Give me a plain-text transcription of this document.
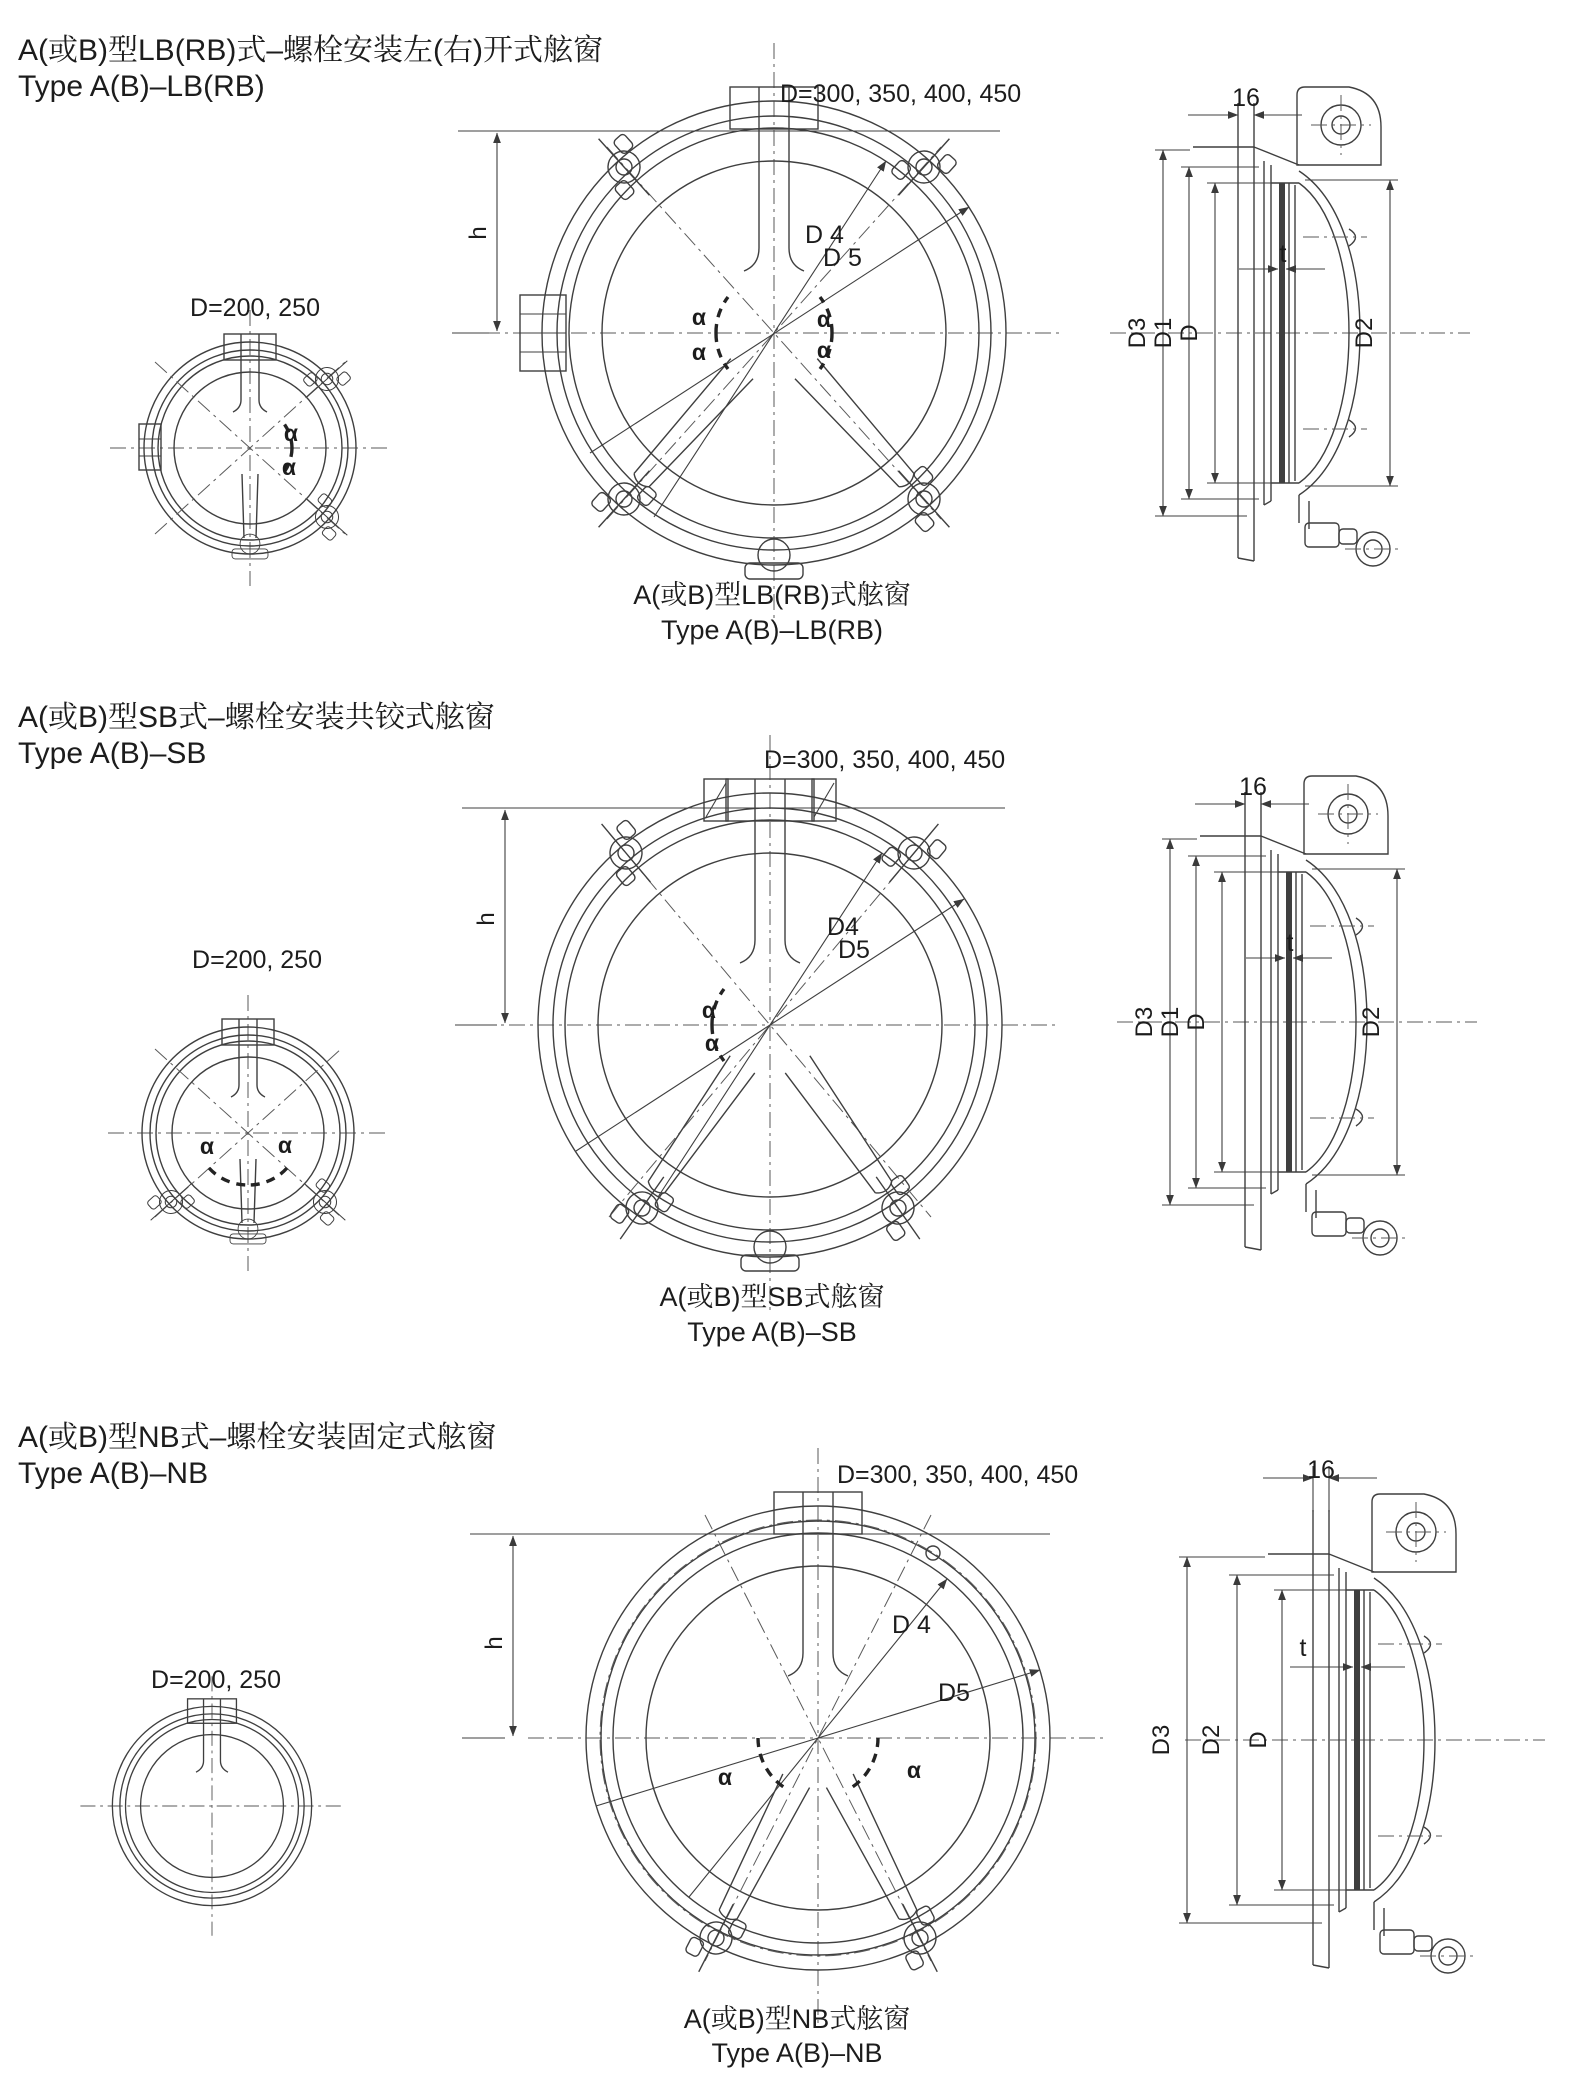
A(或B)型LB(RB)式–螺栓安装左(右)开式舷窗
Type A(B)–LB(RB)
D=200, 250
α
α
D=300, 350, 400, 450
h	D 4
D 5
α
α
α
α
A(或B)型LB(RB)式舷窗
Type A(B)–LB(RB)
16
t
D3 D1 D	D2
A(或B)型SB式–螺栓安装共铰式舷窗
Type A(B)–SB
D=200, 250
α	α
D=300, 350, 400, 450
h	D4
D5
α
α
A(或B)型SB式舷窗
Type A(B)–SB
16
t
D3 D1 D	D2
A(或B)型NB式–螺栓安装固定式舷窗
Type A(B)–NB
D=200, 250
D=300, 350, 400, 450
h
D 4
D5
α	α
A(或B)型NB式舷窗
Type A(B)–NB
16
t
D3 D2 D
